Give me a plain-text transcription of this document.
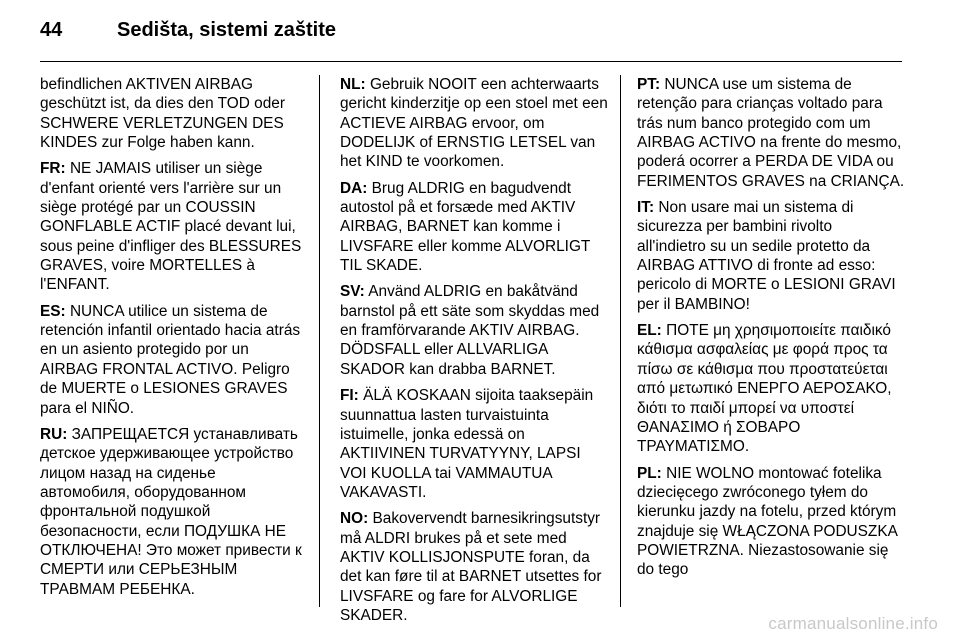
44	Sedišta, sistemi zaštite

befindlichen AKTIVEN AIRBAG geschützt ist, da dies den TOD oder SCHWERE VERLETZUNGEN DES KINDES zur Folge haben kann.

FR: NE JAMAIS utiliser un siège d'enfant orienté vers l'arrière sur un siège protégé par un COUSSIN GONFLABLE ACTIF placé devant lui, sous peine d'infliger des BLESSURES GRAVES, voire MORTELLES à l'ENFANT.

ES: NUNCA utilice un sistema de retención infantil orientado hacia atrás en un asiento protegido por un AIRBAG FRONTAL ACTIVO. Peligro de MUERTE o LESIONES GRAVES para el NIÑO.

RU: ЗАПРЕЩАЕТСЯ устанавливать детское удерживающее устройство лицом назад на сиденье автомобиля, оборудованном фронтальной подушкой безопасности, если ПОДУШКА НЕ ОТКЛЮЧЕНА! Это может привести к СМЕРТИ или СЕРЬЕЗНЫМ ТРАВМАМ РЕБЕНКА.

NL: Gebruik NOOIT een achterwaarts gericht kinderzitje op een stoel met een ACTIEVE AIRBAG ervoor, om DODELIJK of ERNSTIG LETSEL van het KIND te voorkomen.

DA: Brug ALDRIG en bagudvendt autostol på et forsæde med AKTIV AIRBAG, BARNET kan komme i LIVSFARE eller komme ALVORLIGT TIL SKADE.

SV: Använd ALDRIG en bakåtvänd barnstol på ett säte som skyddas med en framförvarande AKTIV AIRBAG. DÖDSFALL eller ALLVARLIGA SKADOR kan drabba BARNET.

FI: ÄLÄ KOSKAAN sijoita taaksepäin suunnattua lasten turvaistuinta istuimelle, jonka edessä on AKTIIVINEN TURVATYYNY, LAPSI VOI KUOLLA tai VAMMAUTUA VAKAVASTI.

NO: Bakovervendt barnesikringsutstyr må ALDRI brukes på et sete med AKTIV KOLLISJONSPUTE foran, da det kan føre til at BARNET utsettes for LIVSFARE og fare for ALVORLIGE SKADER.

PT: NUNCA use um sistema de retenção para crianças voltado para trás num banco protegido com um AIRBAG ACTIVO na frente do mesmo, poderá ocorrer a PERDA DE VIDA ou FERIMENTOS GRAVES na CRIANÇA.

IT: Non usare mai un sistema di sicurezza per bambini rivolto all'indietro su un sedile protetto da AIRBAG ATTIVO di fronte ad esso: pericolo di MORTE o LESIONI GRAVI per il BAMBINO!

EL: ΠΟΤΕ μη χρησιμοποιείτε παιδικό κάθισμα ασφαλείας με φορά προς τα πίσω σε κάθισμα που προστατεύεται από μετωπικό ΕΝΕΡΓΟ ΑΕΡΟΣΑΚΟ, διότι το παιδί μπορεί να υποστεί ΘΑΝΑΣΙΜΟ ή ΣΟΒΑΡΟ ΤΡΑΥΜΑΤΙΣΜΟ.

PL: NIE WOLNO montować fotelika dziecięcego zwróconego tyłem do kierunku jazdy na fotelu, przed którym znajduje się WŁĄCZONA PODUSZKA POWIETRZNA. Niezastosowanie się do tego

carmanualsonline.info
